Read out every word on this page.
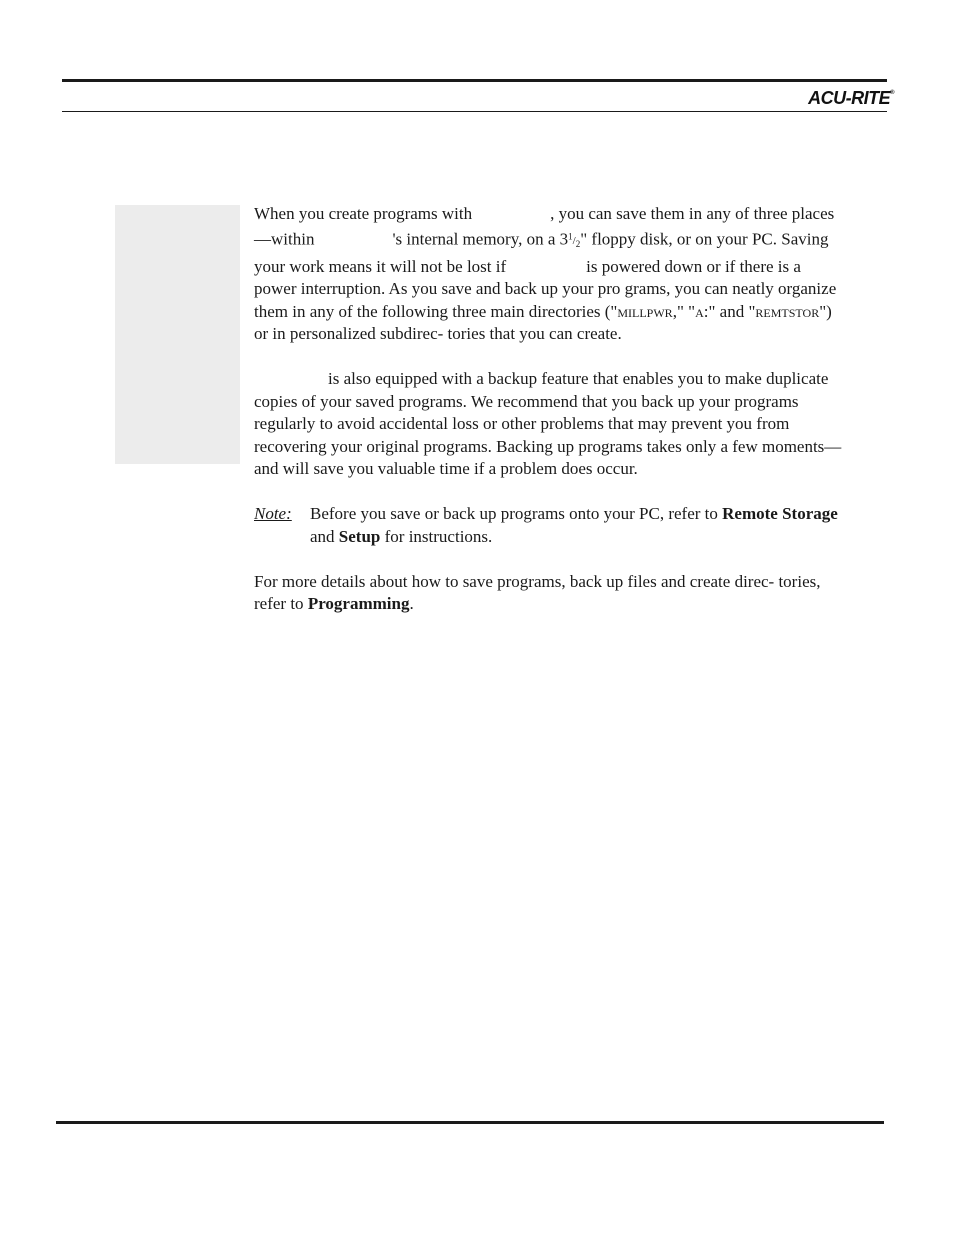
ACU-RITE®

When you create programs with	, you can save them in any of three places—within	's internal memory, on a $3^1/_2$" floppy disk, or on your PC. Saving your work means it will not be lost if	is powered down or if there is a power interruption. As you save and back up your pro grams, you can neatly organize them in any of the following three main directories ("millpwr," "a:" and "remtstor") or in personalized subdirec- tories that you can create.

is also equipped with a backup feature that enables you to make duplicate copies of your saved programs. We recommend that you back up your programs regularly to avoid accidental loss or other problems that may prevent you from recovering your original programs. Backing up programs takes only a few moments—and will save you valuable time if a problem does occur.

Note:	Before you save or back up programs onto your PC, refer to Remote Storage and Setup for instructions.

For more details about how to save programs, back up files and create direc- tories, refer to Programming.
